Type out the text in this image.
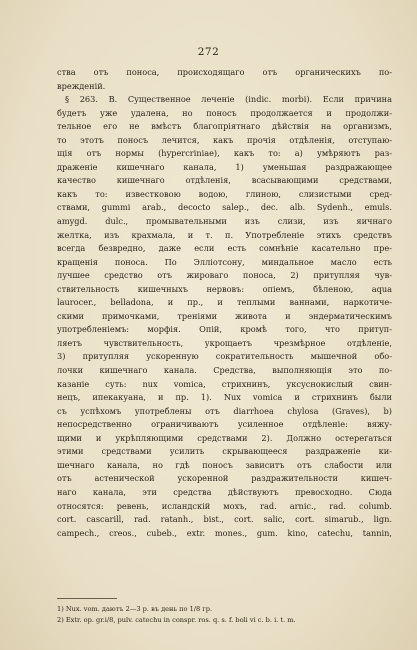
272
ства отъ поноса, происходящаго отъ органическихъ по-
врежденій.
§ 263. B. Существенное леченіе (indic. morbi). Если причина
будетъ уже удалена, но поносъ продолжается и продолжи-
тельное его не вмѣстъ благопріятнаго дѣйствія на организмъ,
то этотъ поносъ лечится, какъ прочія отдѣленія, отступаю-
щія отъ нормы (hypercriniae), какъ то: a) умѣряютъ раз-
драженіе кишечнаго канала, 1) уменьшая раздражающее
качество кишечнаго отдѣленія, всасывающими средствами,
какъ то: известковою водою, глиною, слизистыми сред-
ствами, gummi arab., decocto salep., dec. alb. Sydenh., emuls.
amygd. dulc., промывательными изъ слизи, изъ яичнаго
желтка, изъ крахмала, и т. п. Употребленіе этихъ средствъ
всегда безвредно, даже если есть сомнѣніе касательно пре-
кращенія поноса. По Эллiотсону, миндальное масло есть
лучшее средство отъ жироваго поноса, 2) притупляя чув-
ствительность кишечныхъ нервовъ: опіемъ, бѣленою, aqua
laurocer., belladona, и пр., и теплыми ваннами, наркотиче-
скими примочками, треніями живота и эндерматическимъ
употребленіемъ: морфія. Опій, кромѣ того, что притуп-
ляетъ чувствительность, укрощаетъ чрезмѣрное отдѣленіе,
3) притупляя ускоренную сократительность мышечной обо-
лочки кишечнаго канала. Средства, выполняющія это по-
казаніе суть: nux vomica, стрихнинъ, уксуснокислый свин-
нецъ, ипекакуана, и пр. 1). Nux vomica и стрихнинъ были
съ успѣхомъ употреблены отъ diarrhoea chylosa (Graves), b)
непосредственно ограничиваютъ усиленное отдѣленіе: вяжу-
щими и укрѣпляющими средствами 2). Должно остерегаться
этими средствами усилить скрывающееся раздраженіе ки-
шечнаго канала, но гдѣ поносъ зависитъ отъ слабости или
отъ астенической ускоренной раздражительности кишеч-
наго канала, эти средства дѣйствуютъ превосходно. Сюда
относятся: ревень, исландскій мохъ, rad. arnic., rad. columb.
cort. cascarill, rad. ratanh., bist., cort. salic, cort. simarub., lign.
campech., creos., cubeb., extr. mones., gum. kino, catechu, tannin,
1) Nux. vom. даютъ 2—3 р. въ день по 1/8 гр.
2) Extr. op. gr.i/8, pulv. catechu in conspr. ros. q. s. f. boli vi c. b. i. t. m.
